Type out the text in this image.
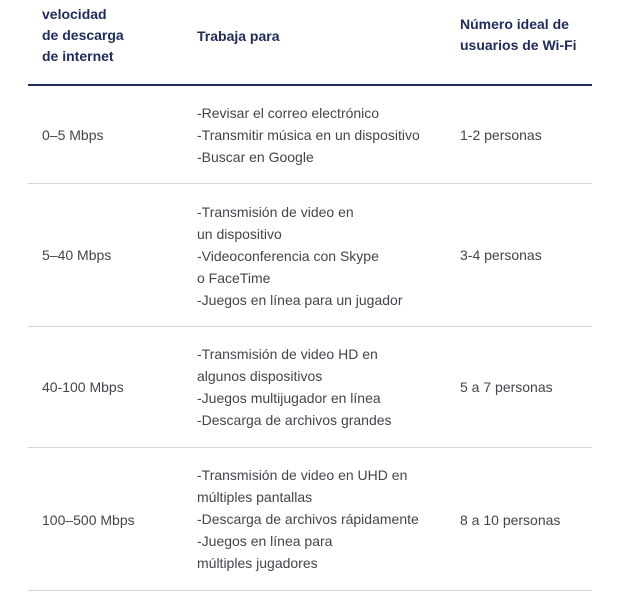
velocidad
de descarga
de internet
Trabaja para
Número ideal de
usuarios de Wi-Fi
0–5 Mbps
-Revisar el correo electrónico
-Transmitir música en un dispositivo
-Buscar en Google
1-2 personas
5–40 Mbps
-Transmisión de video en
un dispositivo
-Videoconferencia con Skype
o FaceTime
-Juegos en línea para un jugador
3-4 personas
40-100 Mbps
-Transmisión de video HD en
algunos dispositivos
-Juegos multijugador en línea
-Descarga de archivos grandes
5 a 7 personas
100–500 Mbps
-Transmisión de video en UHD en
múltiples pantallas
-Descarga de archivos rápidamente
-Juegos en línea para
múltiples jugadores
8 a 10 personas
